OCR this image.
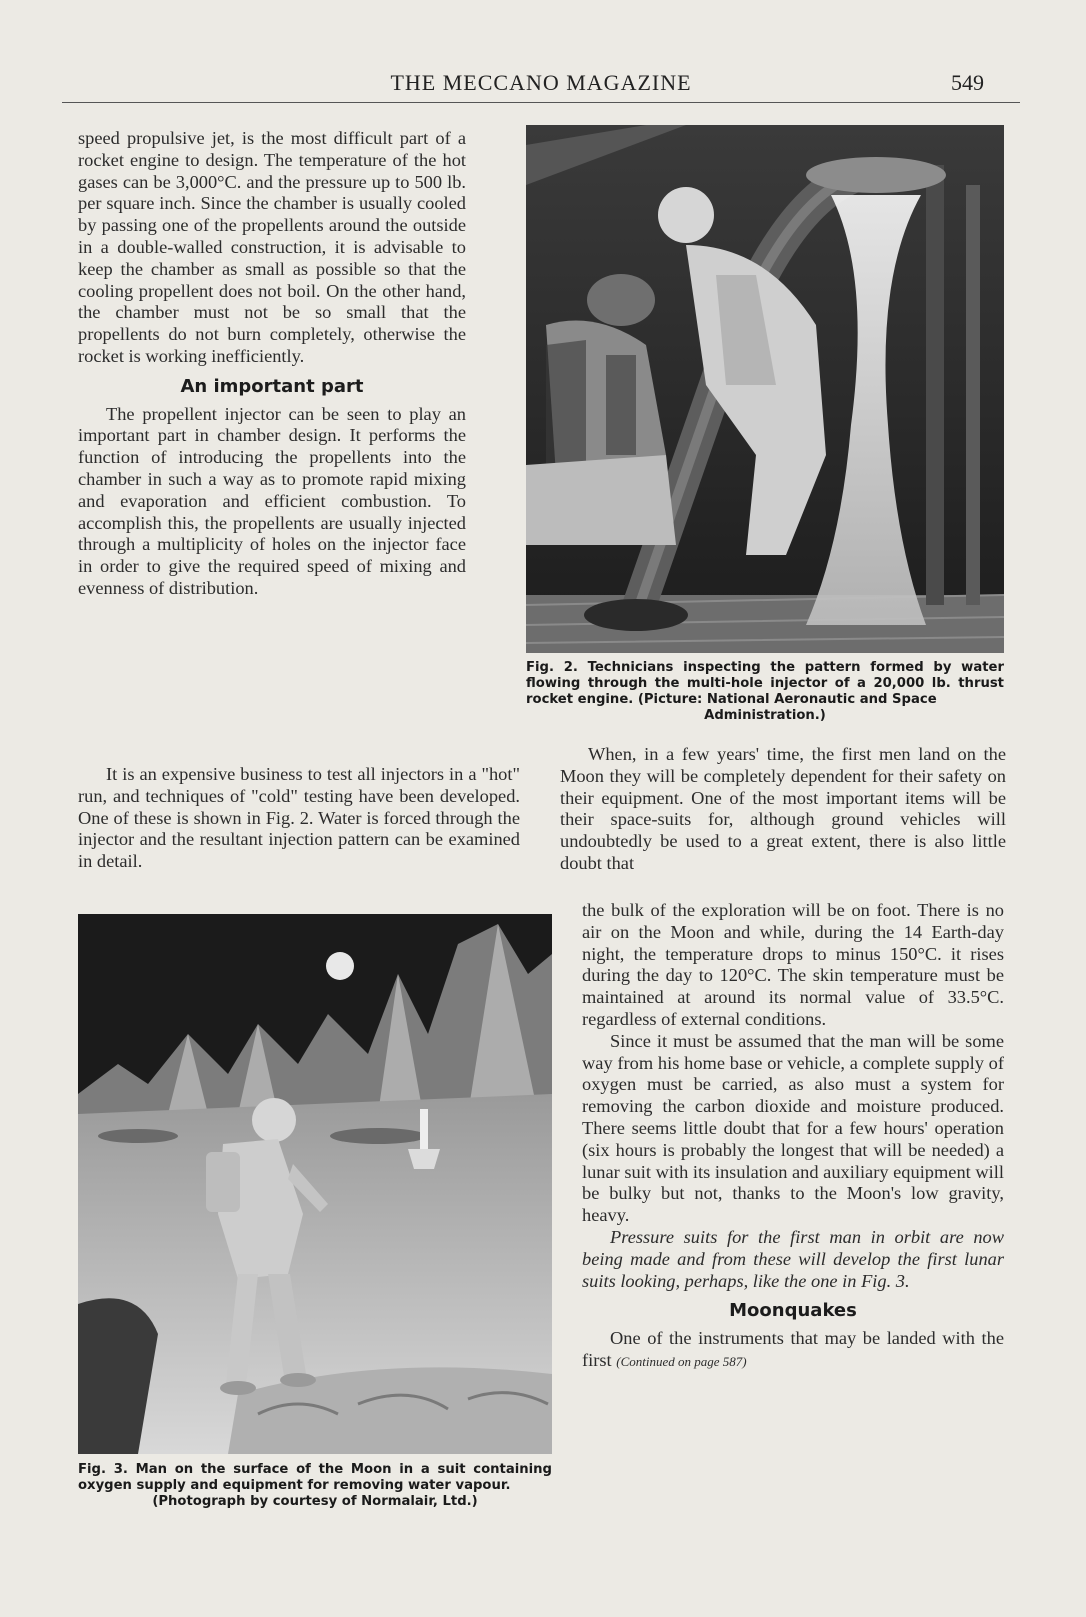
THE MECCANO MAGAZINE	549

speed propulsive jet, is the most difficult part of a rocket engine to design. The temperature of the hot gases can be 3,000°C. and the pressure up to 500 lb. per square inch. Since the chamber is usually cooled by passing one of the propellents around the outside in a double-walled construction, it is advisable to keep the chamber as small as possible so that the cooling propellent does not boil. On the other hand, the chamber must not be so small that the propellents do not burn completely, otherwise the rocket is working inefficiently.

An important part

The propellent injector can be seen to play an important part in chamber design. It performs the function of introducing the propellents into the chamber in such a way as to promote rapid mixing and evaporation and efficient combustion. To accomplish this, the propellents are usually injected through a multiplicity of holes on the injector face in order to give the required speed of mixing and evenness of distribution.

It is an expensive business to test all injectors in a "hot" run, and techniques of "cold" testing have been developed. One of these is shown in Fig. 2. Water is forced through the injector and the resultant injection pattern can be examined in detail.

Fig. 2. Technicians inspecting the pattern formed by water flowing through the multi-hole injector of a 20,000 lb. thrust rocket engine. (Picture: National Aeronautic and Space
Administration.)

When, in a few years' time, the first men land on the Moon they will be completely dependent for their safety on their equipment. One of the most important items will be their space-suits for, although ground vehicles will undoubtedly be used to a great extent, there is also little doubt that

the bulk of the exploration will be on foot. There is no air on the Moon and while, during the 14 Earth-day night, the temperature drops to minus 150°C. it rises during the day to 120°C. The skin temperature must be maintained at around its normal value of 33.5°C. regardless of external conditions.

Since it must be assumed that the man will be some way from his home base or vehicle, a complete supply of oxygen must be carried, as also must a system for removing the carbon dioxide and moisture produced. There seems little doubt that for a few hours' operation (six hours is probably the longest that will be needed) a lunar suit with its insulation and auxiliary equipment will be bulky but not, thanks to the Moon's low gravity, heavy.

Pressure suits for the first man in orbit are now being made and from these will develop the first lunar suits looking, perhaps, like the one in Fig. 3.

Moonquakes

One of the instruments that may be landed with the first (Continued on page 587)

Fig. 3. Man on the surface of the Moon in a suit containing oxygen supply and equipment for removing water vapour.
(Photograph by courtesy of Normalair, Ltd.)
